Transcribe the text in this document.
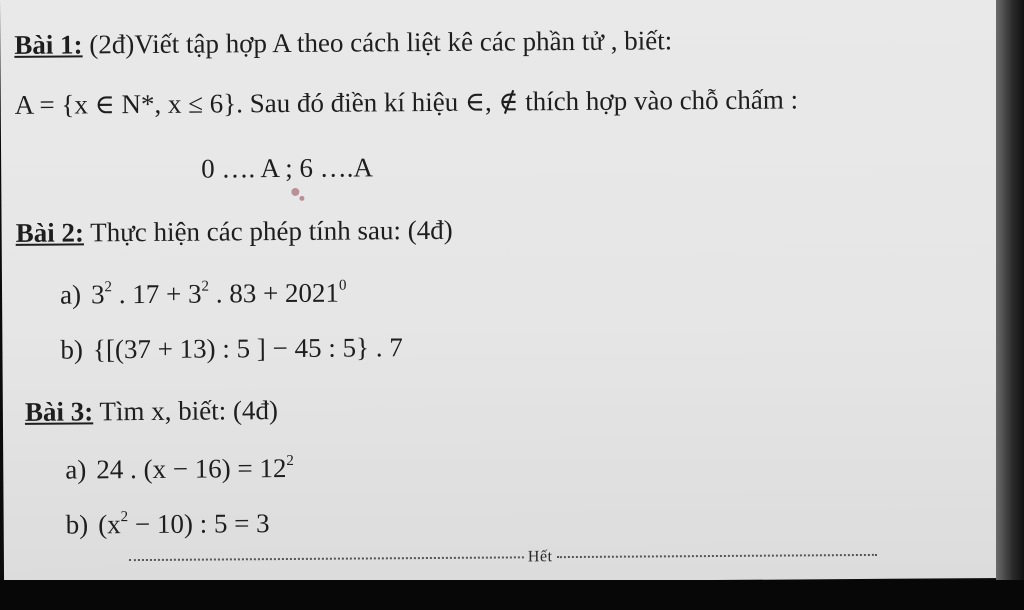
Bài 1: (2đ)Viết tập hợp A theo cách liệt kê các phần tử , biết:
A = {x ∈ N*, x ≤ 6}. Sau đó điền kí hiệu ∈, ∉ thích hợp vào chỗ chấm :
0 …. A ; 6 ….A
Bài 2: Thực hiện các phép tính sau: (4đ)
a) $3^2$ . $17 + 3^2$ . $83 + 2021^0$
b) {[(37 + 13) : 5 ] − 45 : 5} . 7
Bài 3: Tìm x, biết: (4đ)
a) 24 . $(x - 16) = 12^2$
b) $(x^2 - 10)$ : 5 = 3
Hết
